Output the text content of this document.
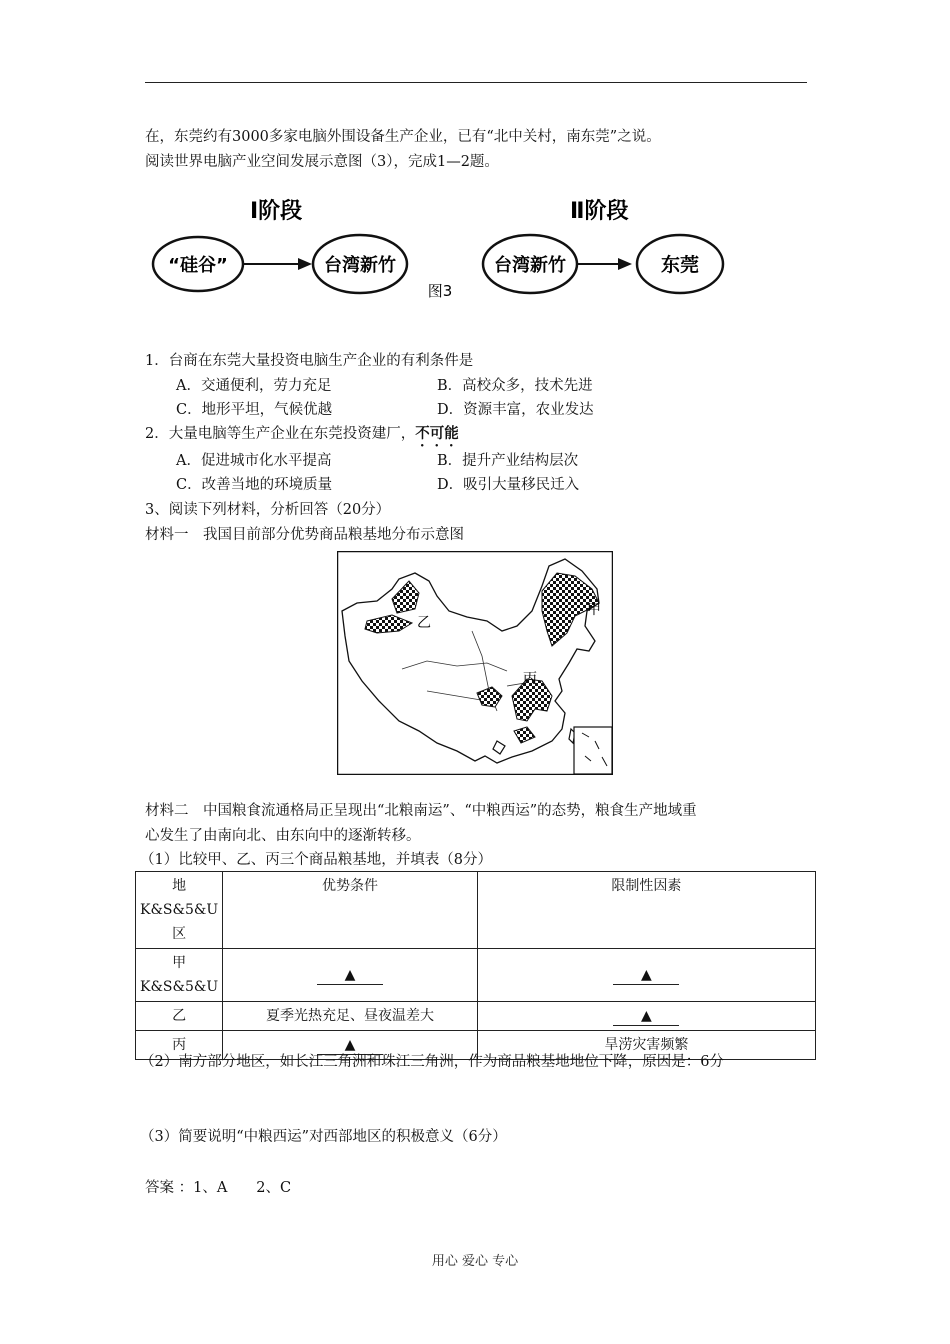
在，东莞约有3000多家电脑外围设备生产企业，已有“北中关村，南东莞”之说。
阅读世界电脑产业空间发展示意图（3），完成1—2题。
Ⅰ阶段	Ⅱ阶段
“硅谷”	台湾新竹	台湾新竹	东莞
图3
1．台商在东莞大量投资电脑生产企业的有利条件是
A．交通便利，劳力充足	B．高校众多，技术先进
C．地形平坦，气候优越	D．资源丰富，农业发达
2．大量电脑等生产企业在东莞投资建厂，不可能
A．促进城市化水平提高	B．提升产业结构层次
C．改善当地的环境质量	D．吸引大量移民迁入
3、阅读下列材料，分析回答（20分）
材料一　我国目前部分优势商品粮基地分布示意图
甲
乙
丙
材料二　中国粮食流通格局正呈现出“北粮南运”、“中粮西运”的态势，粮食生产地域重
心发生了由南向北、由东向中的逐渐转移。
（1）比较甲、乙、丙三个商品粮基地，并填表（8分）
地
K&S&5&U
区	优势条件	限制性因素

甲
K&S&5&U	▲	▲
乙	夏季光热充足、昼夜温差大	▲
丙	▲	旱涝灾害频繁
（2）南方部分地区，如长江三角洲和珠江三角洲，作为商品粮基地地位下降，原因是：6分
（3）简要说明“中粮西运”对西部地区的积极意义（6分）
答案 ：1、A　　2、C
用心 爱心 专心
